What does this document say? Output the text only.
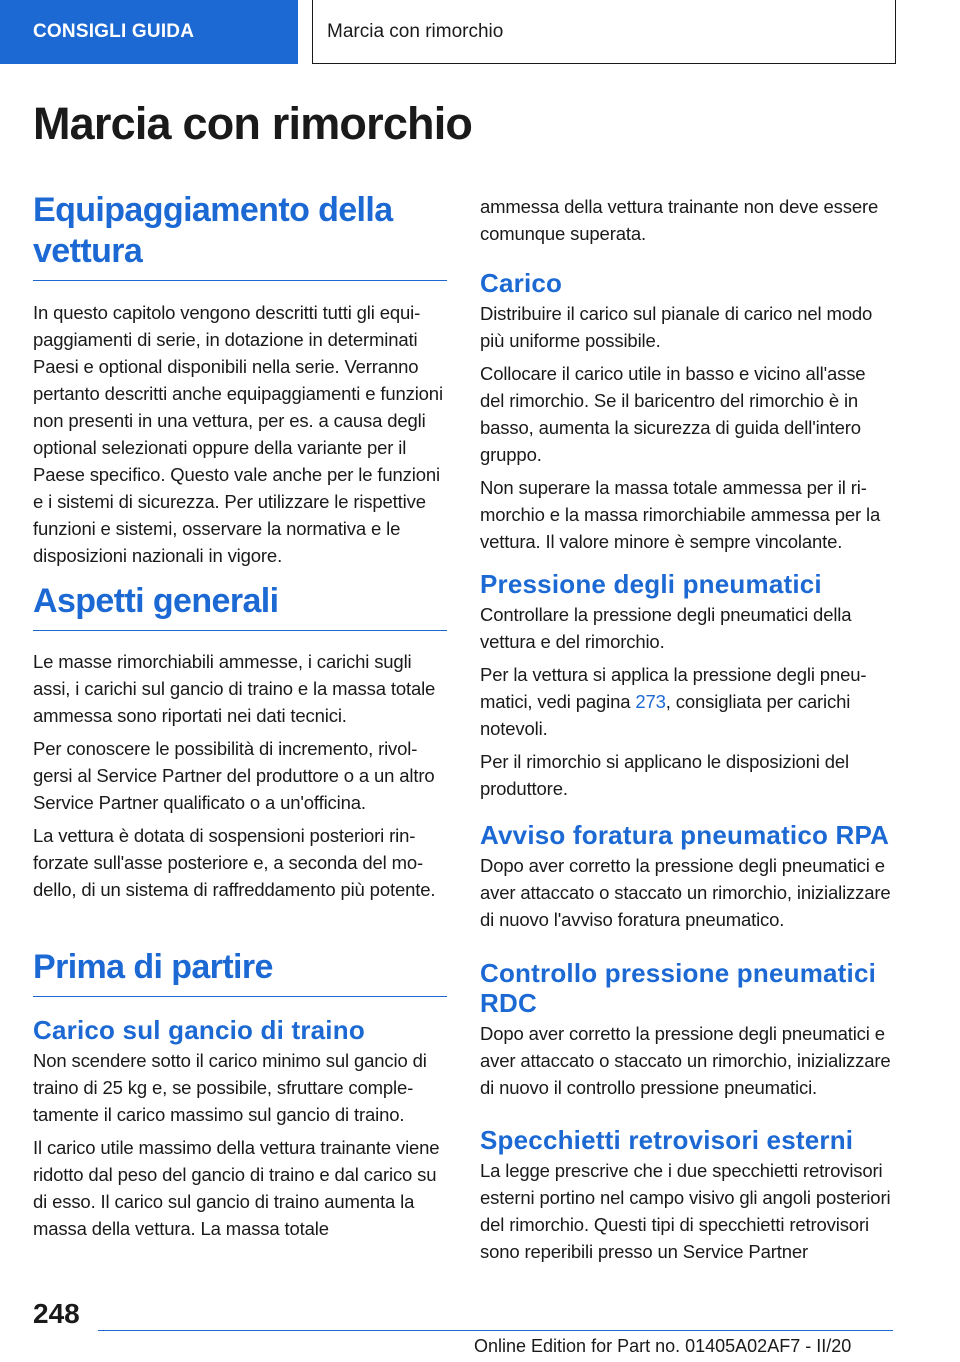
CONSIGLI GUIDA	Marcia con rimorchio
Marcia con rimorchio
Equipaggiamento della vettura

In questo capitolo vengono descritti tutti gli equipaggiamenti di serie, in dotazione in determinati Paesi e optional disponibili nella serie. Verranno pertanto descritti anche equipaggiamenti e funzioni non presenti in una vettura, per es. a causa degli optional selezionati oppure della variante per il Paese specifico. Questo vale anche per le funzioni e i sistemi di sicurezza. Per utilizzare le rispettive funzioni e sistemi, osservare la normativa e le disposizioni nazionali in vigore.

Aspetti generali

Le masse rimorchiabili ammesse, i carichi sugli assi, i carichi sul gancio di traino e la massa totale ammessa sono riportati nei dati tecnici.

Per conoscere le possibilità di incremento, rivolgersi al Service Partner del produttore o a un altro Service Partner qualificato o a un'officina.

La vettura è dotata di sospensioni posteriori rinforzate sull'asse posteriore e, a seconda del modello, di un sistema di raffreddamento più potente.

Prima di partire
Carico sul gancio di traino

Non scendere sotto il carico minimo sul gancio di traino di 25 kg e, se possibile, sfruttare completamente il carico massimo sul gancio di traino.

Il carico utile massimo della vettura trainante viene ridotto dal peso del gancio di traino e dal carico su di esso. Il carico sul gancio di traino aumenta la massa della vettura. La massa totale

ammessa della vettura trainante non deve essere comunque superata.

Carico

Distribuire il carico sul pianale di carico nel modo più uniforme possibile.

Collocare il carico utile in basso e vicino all'asse del rimorchio. Se il baricentro del rimorchio è in basso, aumenta la sicurezza di guida dell'intero gruppo.

Non superare la massa totale ammessa per il rimorchio e la massa rimorchiabile ammessa per la vettura. Il valore minore è sempre vincolante.

Pressione degli pneumatici

Controllare la pressione degli pneumatici della vettura e del rimorchio.

Per la vettura si applica la pressione degli pneumatici, vedi pagina 273, consigliata per carichi notevoli.

Per il rimorchio si applicano le disposizioni del produttore.

Avviso foratura pneumatico RPA

Dopo aver corretto la pressione degli pneumatici e aver attaccato o staccato un rimorchio, inizializzare di nuovo l'avviso foratura pneumatico.

Controllo pressione pneumatici RDC

Dopo aver corretto la pressione degli pneumatici e aver attaccato o staccato un rimorchio, inizializzare di nuovo il controllo pressione pneumatici.

Specchietti retrovisori esterni

La legge prescrive che i due specchietti retrovisori esterni portino nel campo visivo gli angoli posteriori del rimorchio. Questi tipi di specchietti retrovisori sono reperibili presso un Service Partner

248
Online Edition for Part no. 01405A02AF7 - II/20
